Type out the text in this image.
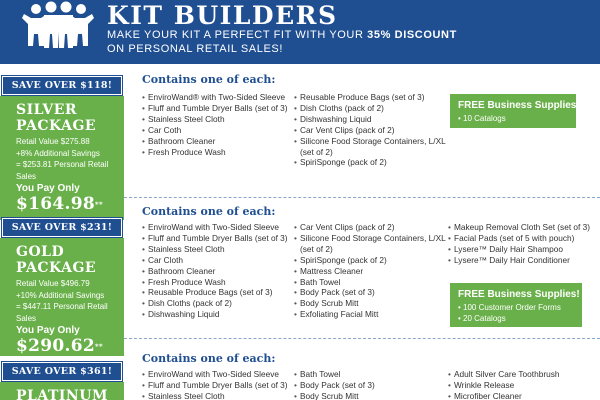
KIT BUILDERS
MAKE YOUR KIT A PERFECT FIT WITH YOUR 35% DISCOUNT
ON PERSONAL RETAIL SALES!
SAVE OVER $118!
SILVER
PACKAGE
Retail Value $275.88
+8% Additional Savings
= $253.81 Personal Retail Sales
You Pay Only
$164.98**
SAVE OVER $231!
GOLD
PACKAGE
Retail Value $496.79
+10% Additional Savings
= $447.11 Personal Retail Sales
You Pay Only
$290.62**
SAVE OVER $361!
PLATINUM
Contains one of each:
• EnviroWand® with Two-Sided Sleeve
• Fluff and Tumble Dryer Balls (set of 3)
• Stainless Steel Cloth
• Car Coth
• Bathroom Cleaner
• Fresh Produce Wash
• Reusable Produce Bags (set of 3)
• Dish Cloths (pack of 2)
• Dishwashing Liquid
• Car Vent Clips (pack of 2)
• Silicone Food Storage Containers, L/XL
(set of 2)
• SpiriSponge (pack of 2)
FREE Business Supplies!
• 10 Catalogs
Contains one of each:
• EnviroWand with Two-Sided Sleeve
• Fluff and Tumble Dryer Balls (set of 3)
• Stainless Steel Cloth
• Car Cloth
• Bathroom Cleaner
• Fresh Produce Wash
• Reusable Produce Bags (set of 3)
• Dish Cloths (pack of 2)
• Dishwashing Liquid
• Car Vent Clips (pack of 2)
• Silicone Food Storage Containers, L/XL
(set of 2)
• SpiriSponge (pack of 2)
• Mattress Cleaner
• Bath Towel
• Body Pack (set of 3)
• Body Scrub Mitt
• Exfoliating Facial Mitt
• Makeup Removal Cloth Set (set of 3)
• Facial Pads (set of 5 with pouch)
• Lysere™ Daily Hair Shampoo
• Lysere™ Daily Hair Conditioner
FREE Business Supplies!
• 100 Customer Order Forms
• 20 Catalogs
Contains one of each:
• EnviroWand with Two-Sided Sleeve
• Fluff and Tumble Dryer Balls (set of 3)
• Stainless Steel Cloth
• Bath Towel
• Body Pack (set of 3)
• Body Scrub Mitt
• Adult Silver Care Toothbrush
• Wrinkle Release
• Microfiber Cleaner
